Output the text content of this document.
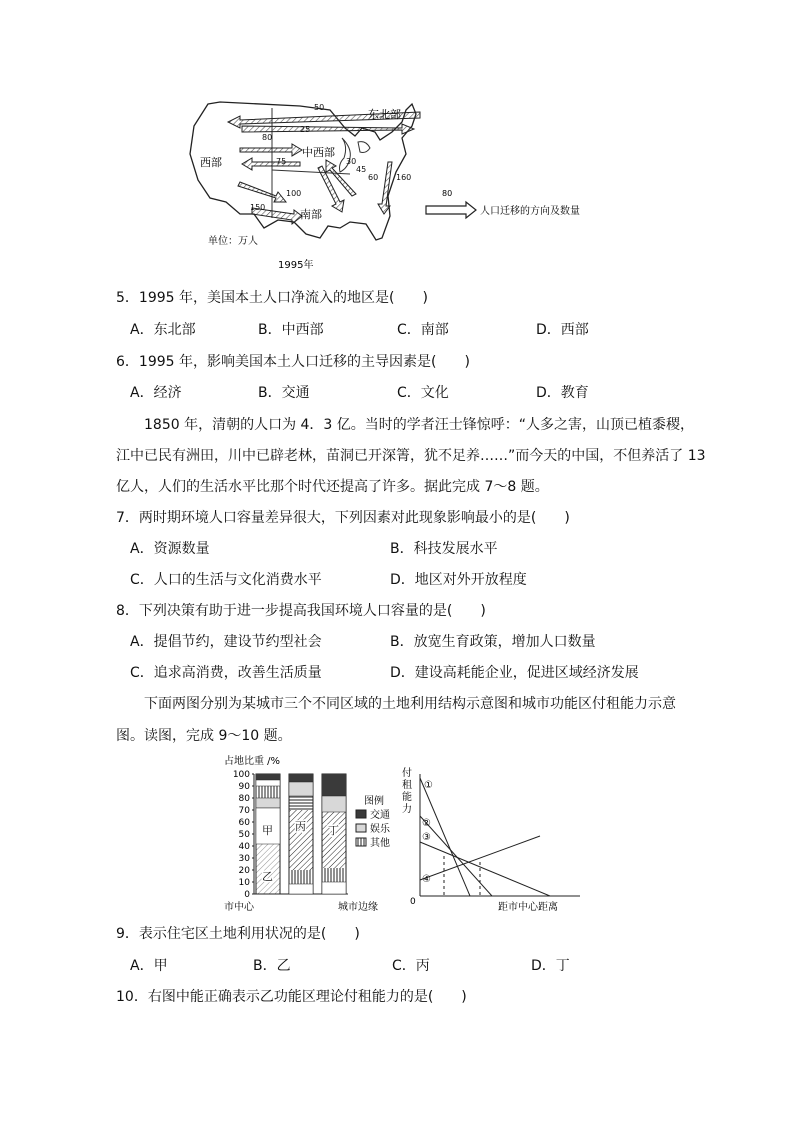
东北部
中西部
西部
南部
50
25
80
75
100
150
30
45
60 160
80
人口迁移的方向及数量
单位：万人
1995年
5．1995 年，美国本土人口净流入的地区是(　　)
A．东北部	B．中西部	C．南部	D．西部
6．1995 年，影响美国本土人口迁移的主导因素是(　　)
A．经济	B．交通	C．文化	D．教育
1850 年，清朝的人口为 4．3 亿。当时的学者汪士锋惊呼：“人多之害，山顶已植黍稷，
江中已民有洲田，川中已辟老林，苗洞已开深箐，犹不足养……”而今天的中国，不但养活了 13
亿人，人们的生活水平比那个时代还提高了许多。据此完成 7～8 题。
7．两时期环境人口容量差异很大，下列因素对此现象影响最小的是(　　)
A．资源数量	B．科技发展水平
C．人口的生活与文化消费水平	D．地区对外开放程度
8．下列决策有助于进一步提高我国环境人口容量的是(　　)
A．提倡节约，建设节约型社会	B．放宽生育政策，增加人口数量
C．追求高消费，改善生活质量	D．建设高耗能企业，促进区域经济发展
下面两图分别为某城市三个不同区域的土地利用结构示意图和城市功能区付租能力示意
图。读图，完成 9～10 题。
占地比重 /%
0
10
20
30
40
50
60
70
80
90
100
甲
乙
丙 丁
图例
交通
娱乐
其他
市中心	城市边缘
付
租
能
力
0
①
②
③
④
距市中心距离
9．表示住宅区土地利用状况的是(　　)
A．甲	B．乙	C．丙	D．丁
10．右图中能正确表示乙功能区理论付租能力的是(　　)
